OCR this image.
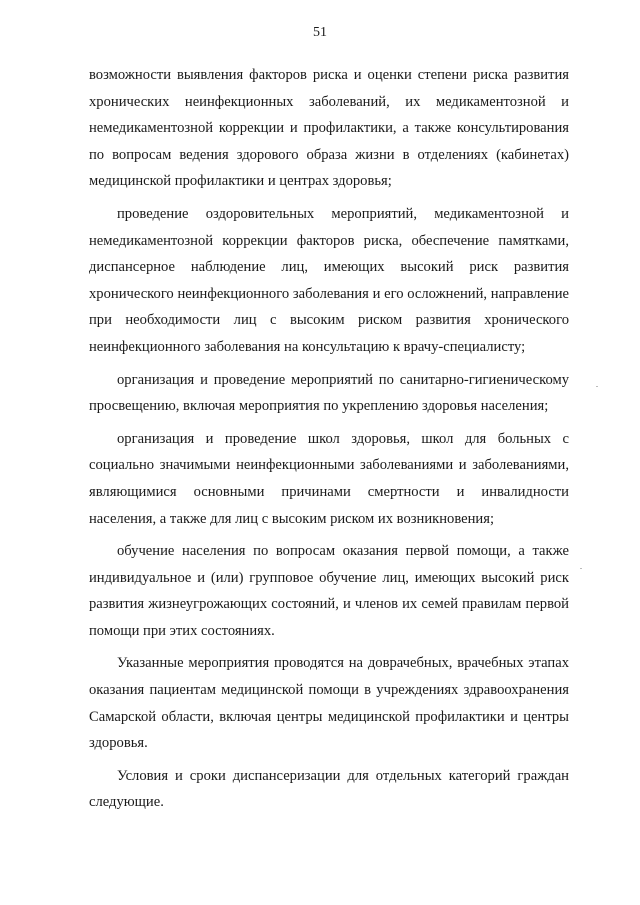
51

возможности выявления факторов риска и оценки степени риска развития хронических неинфекционных заболеваний, их медикаментозной и немедикаментозной коррекции и профилактики, а также консультирования по вопросам ведения здорового образа жизни в отделениях (кабинетах) медицинской профилактики и центрах здоровья;

проведение оздоровительных мероприятий, медикаментозной и немедикаментозной коррекции факторов риска, обеспечение памятками, диспансерное наблюдение лиц, имеющих высокий риск развития хронического неинфекционного заболевания и его осложнений, направление при необходимости лиц с высоким риском развития хронического неинфекционного заболевания на консультацию к врачу-специалисту;

организация и проведение мероприятий по санитарно-гигиеническому просвещению, включая мероприятия по укреплению здоровья населения;

организация и проведение школ здоровья, школ для больных с социально значимыми неинфекционными заболеваниями и заболеваниями, являющимися основными причинами смертности и инвалидности населения, а также для лиц с высоким риском их возникновения;

обучение населения по вопросам оказания первой помощи, а также индивидуальное и (или) групповое обучение лиц, имеющих высокий риск развития жизнеугрожающих состояний, и членов их семей правилам первой помощи при этих состояниях.

Указанные мероприятия проводятся на доврачебных, врачебных этапах оказания пациентам медицинской помощи в учреждениях здравоохранения Самарской области, включая центры медицинской профилактики и центры здоровья.

Условия и сроки диспансеризации для отдельных категорий граждан следующие.
